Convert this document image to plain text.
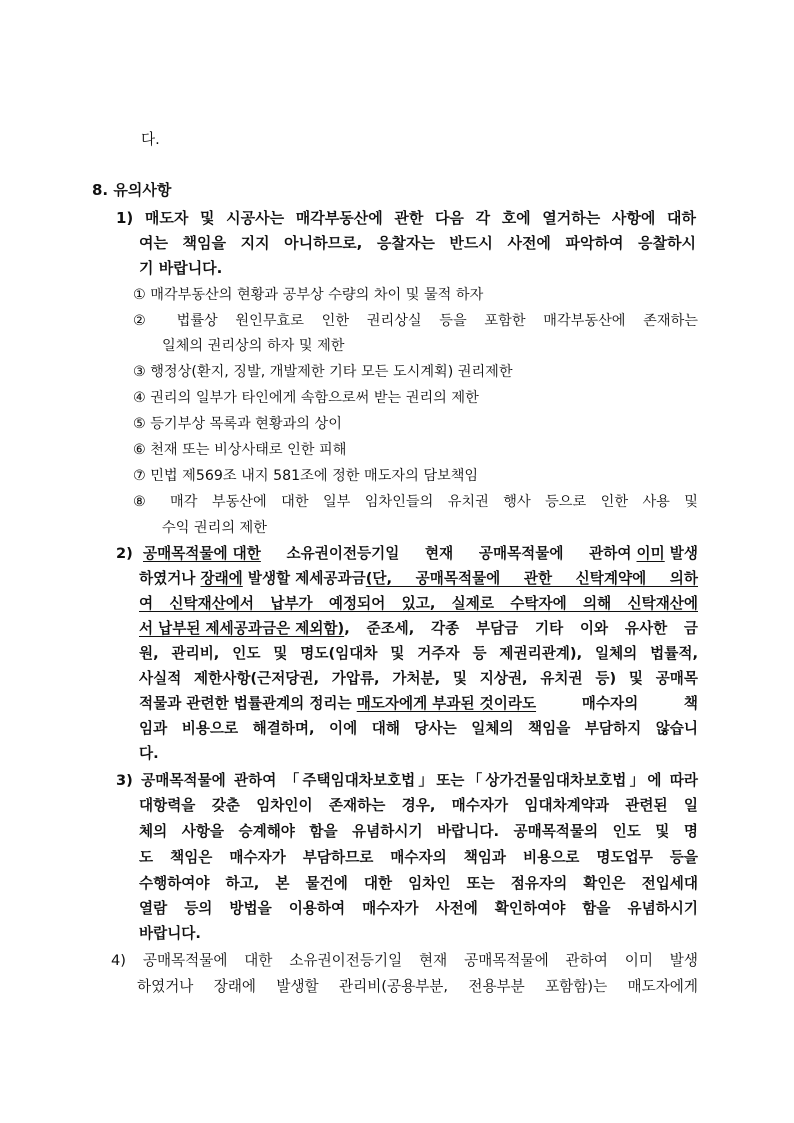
다.
8. 유의사항
1) 매도자 및 시공사는 매각부동산에 관한 다음 각 호에 열거하는 사항에 대하
여는 책임을 지지 아니하므로, 응찰자는 반드시 사전에 파악하여 응찰하시
기 바랍니다.
① 매각부동산의 현황과 공부상 수량의 차이 및 물적 하자
② 법률상 원인무효로 인한 권리상실 등을 포함한 매각부동산에 존재하는
일체의 권리상의 하자 및 제한
③ 행정상(환지, 징발, 개발제한 기타 모든 도시계획) 권리제한
④ 권리의 일부가 타인에게 속함으로써 받는 권리의 제한
⑤ 등기부상 목록과 현황과의 상이
⑥ 천재 또는 비상사태로 인한 피해
⑦ 민법 제569조 내지 581조에 정한 매도자의 담보책임
⑧ 매각 부동산에 대한 일부 임차인들의 유치권 행사 등으로 인한 사용 및
수익 권리의 제한
2) 공매목적물에 대한 소유권이전등기일 현재 공매목적물에 관하여 이미 발생
하였거나 장래에 발생할 제세공과금 (단, 공매목적물에 관한 신탁계약에 의하
여 신탁재산에서 납부가 예정되어 있고, 실제로 수탁자에 의해 신탁재산에
서 납부된 제세공과금은 제외함) , 준조세, 각종 부담금 기타 이와 유사한 금
원, 관리비, 인도 및 명도(임대차 및 거주자 등 제권리관계), 일체의 법률적,
사실적 제한사항(근저당권, 가압류, 가처분, 및 지상권, 유치권 등) 및 공매목
적물과 관련한 법률관계의 정리는 매도자에게 부과된 것이라도 매수자의 책
임과 비용으로 해결하며, 이에 대해 당사는 일체의 책임을 부담하지 않습니
다.
3) 공매목적물에 관하여 「주택임대차보호법」또는「상가건물임대차보호법」에 따라
대항력을 갖춘 임차인이 존재하는 경우, 매수자가 임대차계약과 관련된 일
체의 사항을 승계해야 함을 유념하시기 바랍니다. 공매목적물의 인도 및 명
도 책임은 매수자가 부담하므로 매수자의 책임과 비용으로 명도업무 등을
수행하여야 하고, 본 물건에 대한 임차인 또는 점유자의 확인은 전입세대
열람 등의 방법을 이용하여 매수자가 사전에 확인하여야 함을 유념하시기
바랍니다.
4) 공매목적물에 대한 소유권이전등기일 현재 공매목적물에 관하여 이미 발생
하였거나 장래에 발생할 관리비(공용부분, 전용부분 포함함)는 매도자에게
